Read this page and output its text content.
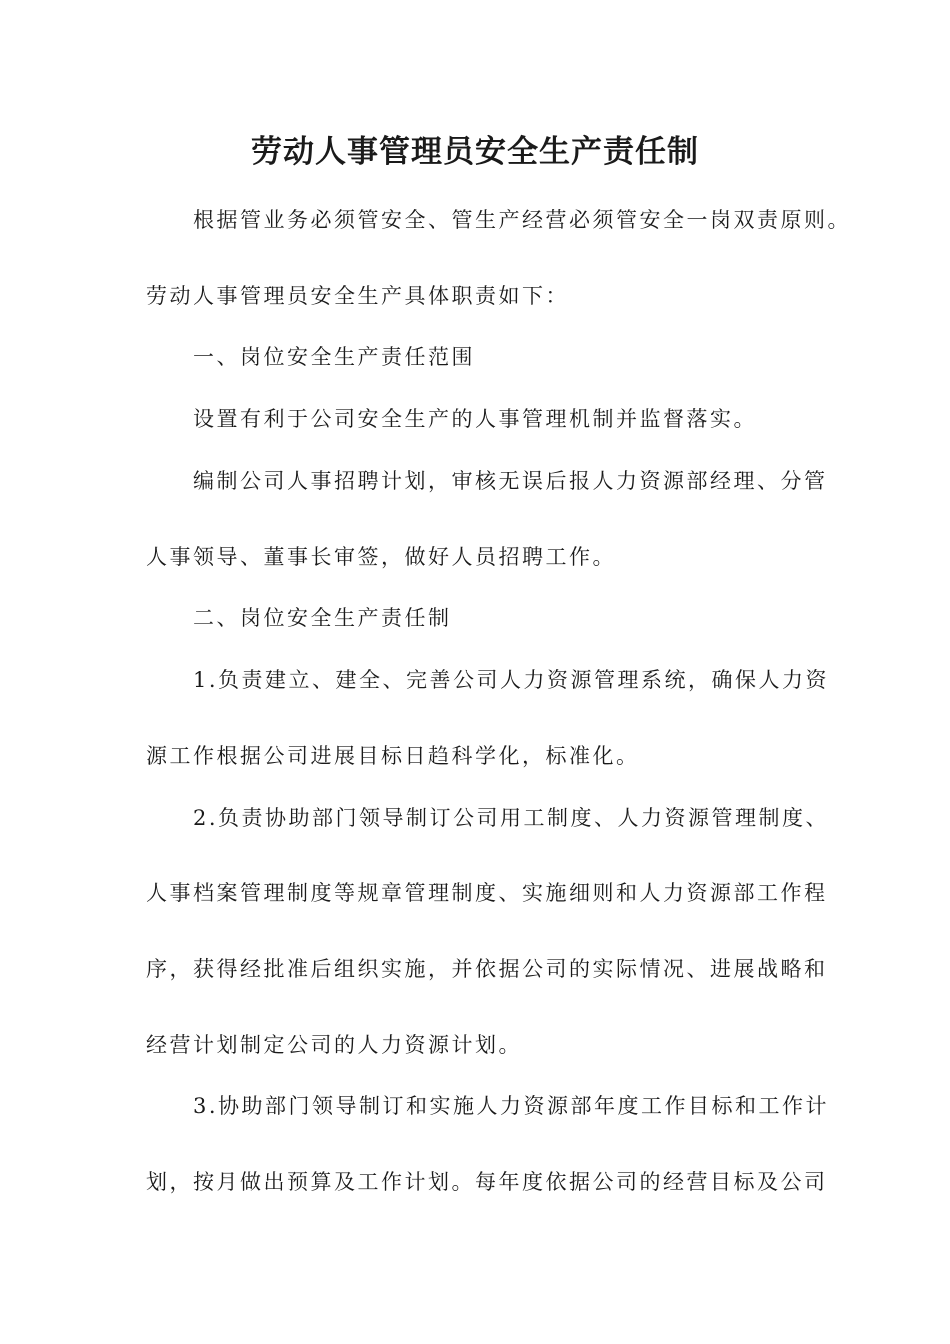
劳动人事管理员安全生产责任制
根据管业务必须管安全、管生产经营必须管安全一岗双责原则。
劳动人事管理员安全生产具体职责如下：
一、岗位安全生产责任范围
设置有利于公司安全生产的人事管理机制并监督落实。
编制公司人事招聘计划，审核无误后报人力资源部经理、分管
人事领导、董事长审签，做好人员招聘工作。
二、岗位安全生产责任制
1.负责建立、建全、完善公司人力资源管理系统，确保人力资
源工作根据公司进展目标日趋科学化，标准化。
2.负责协助部门领导制订公司用工制度、人力资源管理制度、
人事档案管理制度等规章管理制度、实施细则和人力资源部工作程
序，获得经批准后组织实施，并依据公司的实际情况、进展战略和
经营计划制定公司的人力资源计划。
3.协助部门领导制订和实施人力资源部年度工作目标和工作计
划，按月做出预算及工作计划。每年度依据公司的经营目标及公司
